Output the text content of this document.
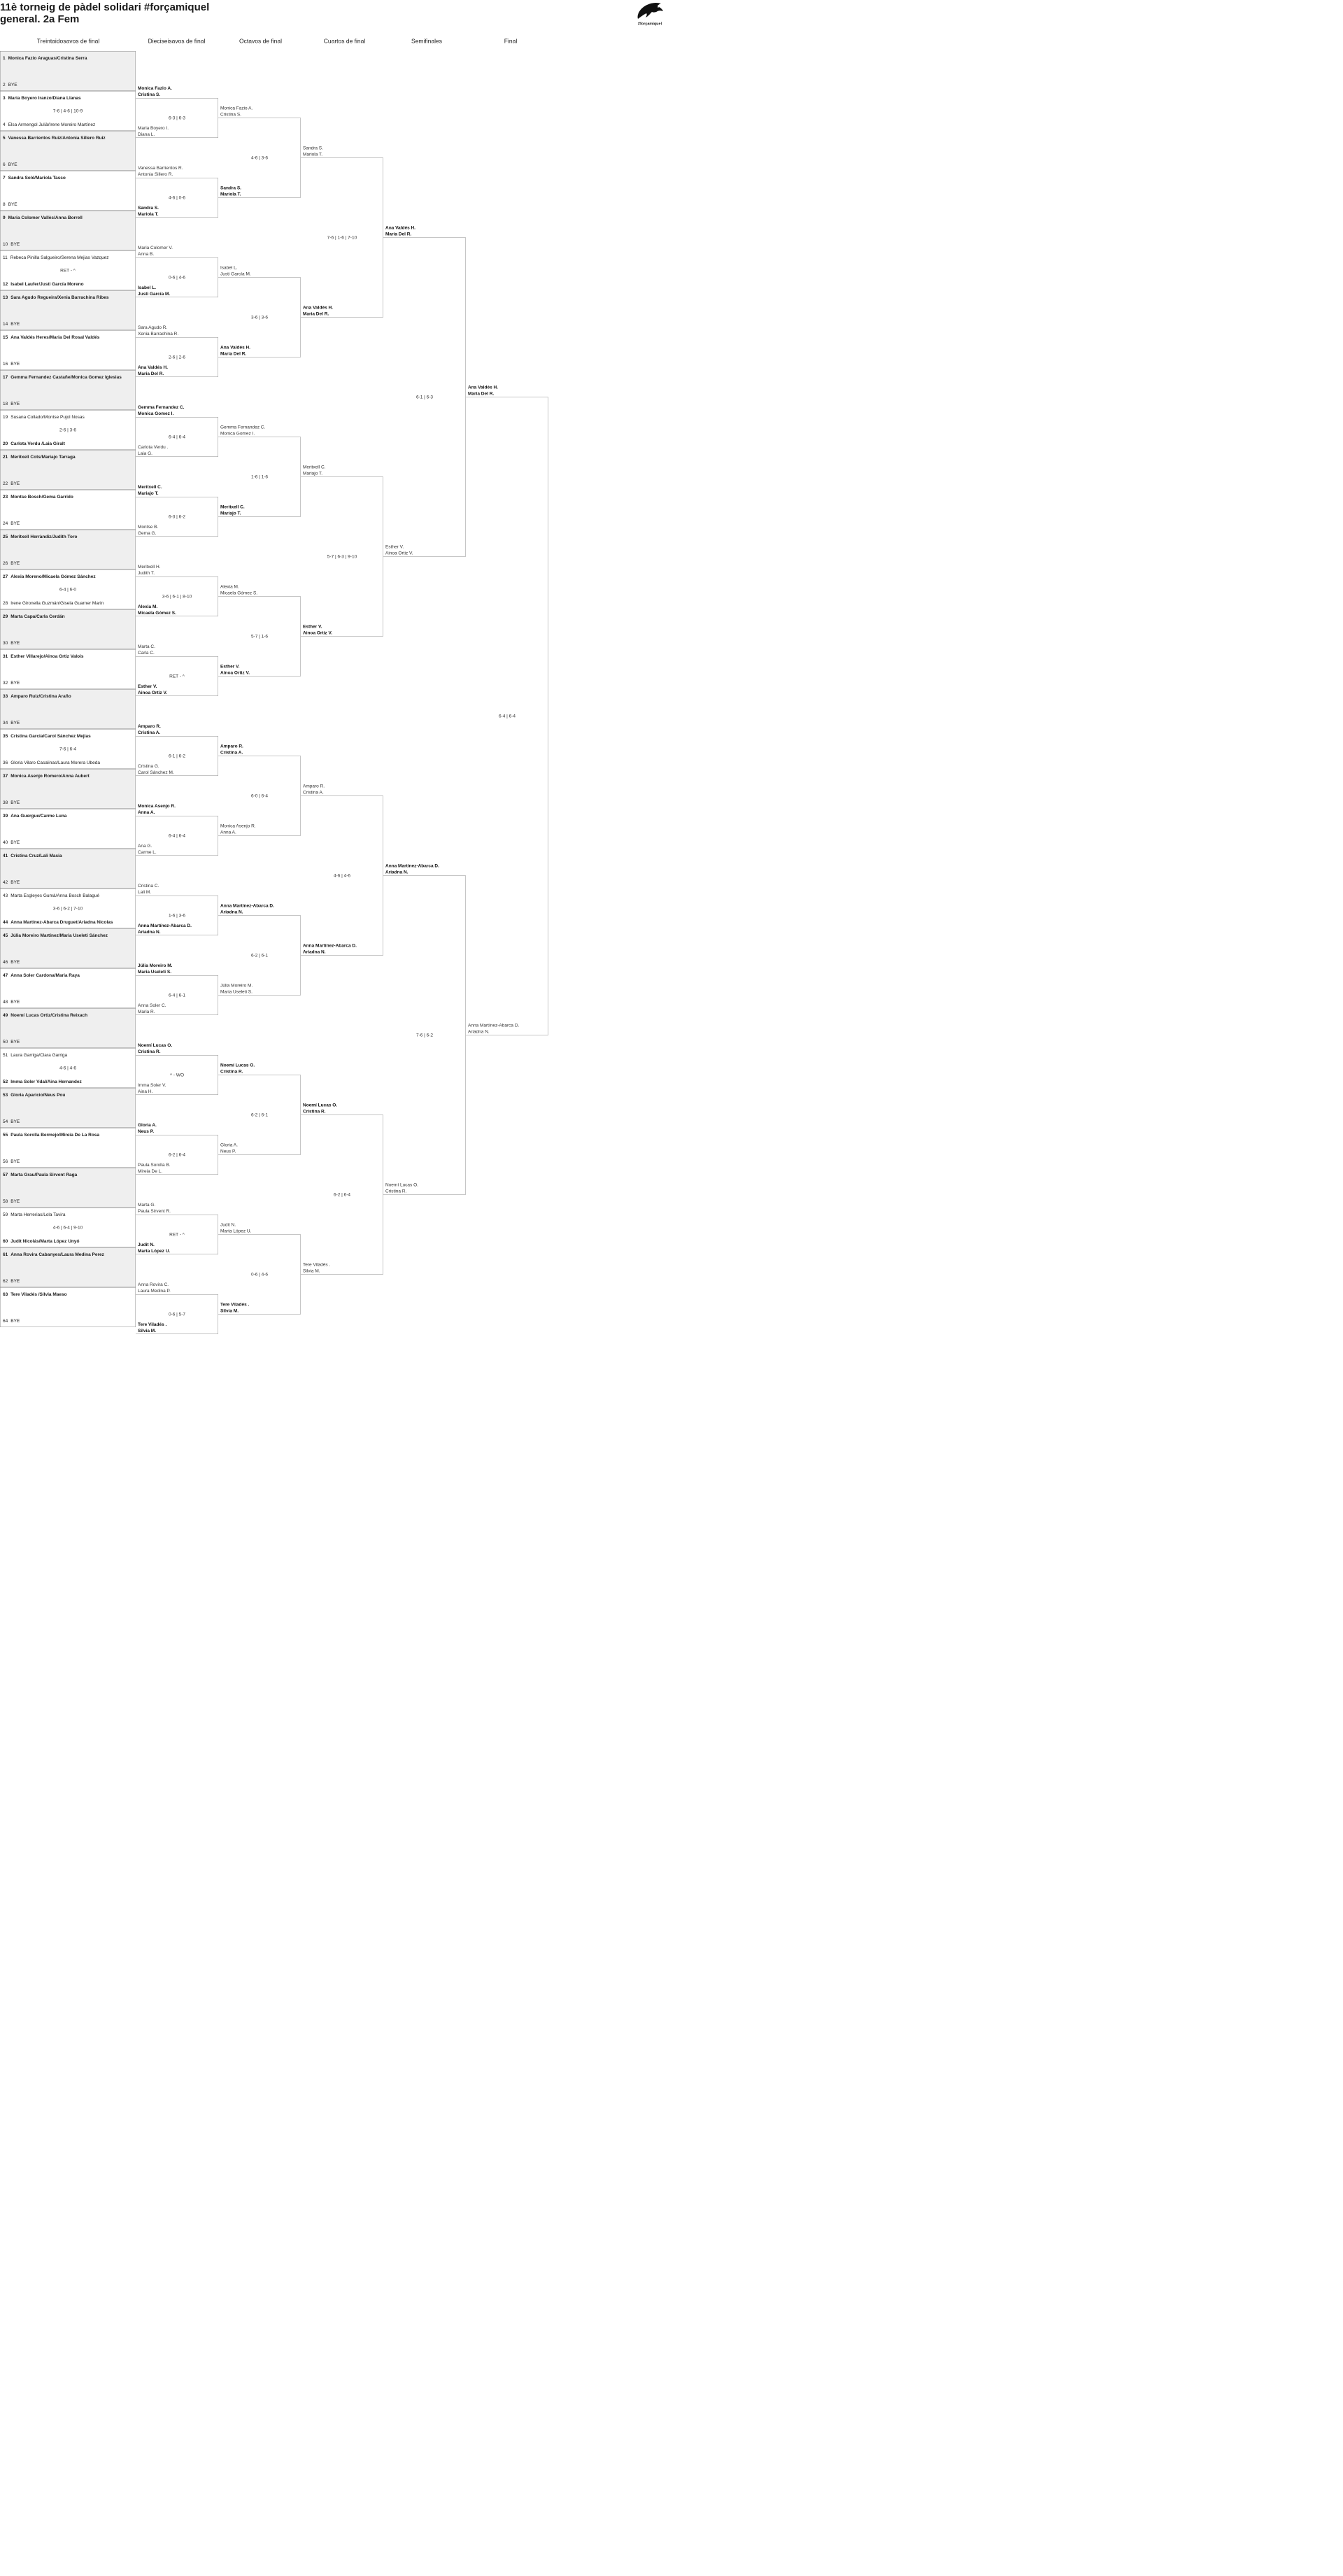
11è torneig de pàdel solidari #forçamiquel
general. 2a Fem	#forçamiquel
Treintaidosavos de final	Dieciseisavos de final	Octavos de final	Cuartos de final	Semifinales	Final
1 Monica Fazio Araguas/Cristina Serra
2 BYE
3 Maria Boyero Iranzo/Diana Llanas
4 Elsa Armengol Julià/Irene Moreiro Martínez
7-6 | 4-6 | 10-9
5 Vanessa Barrientos Ruiz/Antonia Sillero Ruiz
6 BYE
7 Sandra Solé/Mariola Tasso
8 BYE
9 Maria Colomer Vallès/Anna Borrell
10 BYE
11 Rebeca Pinilla Salgueiro/Serena Mejias Vazquez
12 Isabel Laufer/Justi García Moreno
RET - ^
13 Sara Agudo Regueira/Xenia Barrachina Ribes
14 BYE
15 Ana Valdés Heres/Maria Del Rosal Valdés
16 BYE
17 Gemma Fernandez Castañe/Monica Gomez Iglesias
18 BYE
19 Susana Collado/Montse Pujol Nosas
20 Carlota Verdu /Laia Giralt
2-6 | 3-6
21 Meritxell Cots/Mariajo Tarraga
22 BYE
23 Montse Bosch/Gema Garrido
24 BYE
25 Meritxell Herràndiz/Judith Toro
26 BYE
27 Alexia Moreno/Micaela Gómez Sánchez
28 Irene Gironella Guzmán/Gisela Guarner Marin
6-4 | 6-0
29 Marta Capa/Carla Cerdán
30 BYE
31 Esther Villarejo/Ainoa Ortiz Valois
32 BYE
33 Amparo Ruiz/Cristina Araño
34 BYE
35 Cristina Garcia/Carol Sánchez Mejias
36 Gloria Vilaro Casalinas/Laura Morera Ubeda
7-6 | 6-4
37 Monica Asenjo Romero/Anna Aubert
38 BYE
39 Ana Guergue/Carme Luna
40 BYE
41 Cristina Cruz/Lali Masia
42 BYE
43 Marta Esgleyes Gumà/Anna Bosch Balagué
44 Anna Martínez-Abarca Druguet/Ariadna Nicolas
3-6 | 6-2 | 7-10
45 Júlia Moreiro Martínez/Maria Useleti Sánchez
46 BYE
47 Anna Soler Cardona/Maria Raya
48 BYE
49 Noemí Lucas Ortiz/Cristina Reixach
50 BYE
51 Laura Garriga/Clara Garriga
52 Imma Soler Vdal/Aina Hernandez
4-6 | 4-6
53 Gloria Aparicio/Neus Pou
54 BYE
55 Paula Sorolla Bermejo/Mireia De La Rosa
56 BYE
57 Marta Grau/Paula Sirvent Raga
58 BYE
59 Marta Herrerias/Lola Tavira
60 Judit Nicolás/Marta López Unyó
4-6 | 6-4 | 9-10
61 Anna Rovira Cabanyes/Laura Medina Perez
62 BYE
63 Tere Viladés /Silvia Maeso
64 BYE
Monica Fazio A.
Cristina S.
Maria Boyero I.
Diana L.
6-3 | 6-3
Vanessa Barrientos R.
Antonia Sillero R.
Sandra S.
Mariola T.
4-6 | 0-6
Maria Colomer V.
Anna B.
Isabel L.
Justi García M.
0-6 | 4-6
Sara Agudo R.
Xenia Barrachina R.
Ana Valdés H.
Maria Del R.
2-6 | 2-6
Gemma Fernandez C.
Monica Gomez I.
Carlota Verdu .
Laia G.
6-4 | 6-4
Meritxell C.
Mariajo T.
Montse B.
Gema G.
6-3 | 6-2
Meritxell H.
Judith T.
Alexia M.
Micaela Gómez S.
3-6 | 6-1 | 8-10
Marta C.
Carla C.
Esther V.
Ainoa Ortiz V.
RET - ^
Amparo R.
Cristina A.
Cristina G.
Carol Sánchez M.
6-1 | 6-2
Monica Asenjo R.
Anna A.
Ana G.
Carme L.
6-4 | 6-4
Cristina C.
Lali M.
Anna Martínez-Abarca D.
Ariadna N.
1-6 | 3-6
Júlia Moreiro M.
Maria Useleti S.
Anna Soler C.
Maria R.
6-4 | 6-1
Noemí Lucas O.
Cristina R.
Imma Soler V.
Aina H.
^ - WO
Gloria A.
Neus P.
Paula Sorolla B.
Mireia De L.
6-2 | 6-4
Marta G.
Paula Sirvent R.
Judit N.
Marta López U.
RET - ^
Anna Rovira C.
Laura Medina P.
Tere Viladés .
Silvia M.
0-6 | 5-7
Monica Fazio A.
Cristina S.
Sandra S.
Mariola T.
4-6 | 3-6
Isabel L.
Justi García M.
Ana Valdés H.
Maria Del R.
3-6 | 3-6
Gemma Fernandez C.
Monica Gomez I.
Meritxell C.
Mariajo T.
1-6 | 1-6
Alexia M.
Micaela Gómez S.
Esther V.
Ainoa Ortiz V.
5-7 | 1-6
Amparo R.
Cristina A.
Monica Asenjo R.
Anna A.
6-0 | 6-4
Anna Martínez-Abarca D.
Ariadna N.
Júlia Moreiro M.
Maria Useleti S.
6-2 | 6-1
Noemí Lucas O.
Cristina R.
Gloria A.
Neus P.
6-2 | 6-1
Judit N.
Marta López U.
Tere Viladés .
Silvia M.
0-6 | 4-6
Sandra S.
Mariola T.
Ana Valdés H.
Maria Del R.
7-6 | 1-6 | 7-10
Meritxell C.
Mariajo T.
Esther V.
Ainoa Ortiz V.
5-7 | 6-3 | 9-10
Amparo R.
Cristina A.
Anna Martínez-Abarca D.
Ariadna N.
4-6 | 4-6
Noemí Lucas O.
Cristina R.
Tere Viladés .
Silvia M.
6-2 | 6-4
Ana Valdés H.
Maria Del R.
Esther V.
Ainoa Ortiz V.
6-1 | 6-3
Anna Martínez-Abarca D.
Ariadna N.
Noemí Lucas O.
Cristina R.
7-6 | 6-2
Ana Valdés H.
Maria Del R.
Anna Martínez-Abarca D.
Ariadna N.
6-4 | 6-4
